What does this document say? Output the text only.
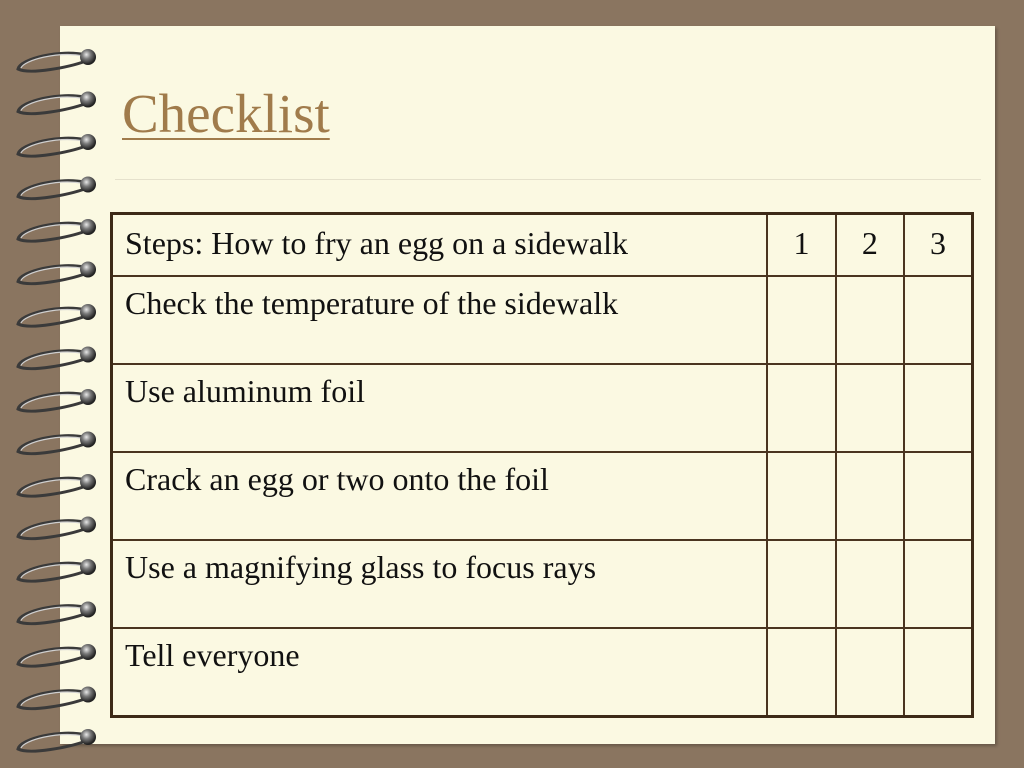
Checklist
Steps: How to fry an egg on a sidewalk	1	2	3
Check the temperature of the sidewalk			
Use aluminum foil			
Crack an egg or two onto the foil			
Use a magnifying glass to focus rays			
Tell everyone			
